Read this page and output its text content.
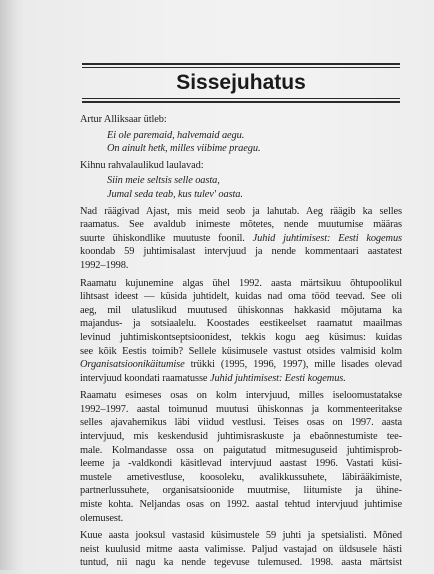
Sissejuhatus
Artur Alliksaar ütleb:
Ei ole paremaid, halvemaid aegu.
On ainult hetk, milles viibime praegu.
Kihnu rahvalaulikud laulavad:
Siin meie seltsis selle oasta,
Jumal seda teab, kus tulev' oasta.

Nad räägivad Ajast, mis meid seob ja lahutab. Aeg räägib ka selles
raamatus. See avaldub inimeste mõtetes, nende muutumise määras
suurte ühiskondlike muutuste foonil. Juhid juhtimisest: Eesti kogemus
koondab 59 juhtimisalast intervjuud ja nende kommentaari aastatest
1992–1998.

Raamatu kujunemine algas ühel 1992. aasta märtsikuu õhtupoolikul
lihtsast ideest — küsida juhtidelt, kuidas nad oma tööd teevad. See oli
aeg, mil ulatuslikud muutused ühiskonnas hakkasid mõjutama ka
majandus- ja sotsiaalelu. Koostades eestikeelset raamatut maailmas
levinud juhtimiskontseptsioonidest, tekkis kogu aeg küsimus: kuidas
see kõik Eestis toimib? Sellele küsimusele vastust otsides valmisid kolm
Organisatsioonikäitumise trükki (1995, 1996, 1997), mille lisades olevad
intervjuud koondati raamatusse Juhid juhtimisest: Eesti kogemus.

Raamatu esimeses osas on kolm intervjuud, milles iseloomustatakse
1992–1997. aastal toimunud muutusi ühiskonnas ja kommenteeritakse
selles ajavahemikus läbi viidud vestlusi. Teises osas on 1997. aasta
intervjuud, mis keskendusid juhtimisraskuste ja ebaõnnestumiste tee-
male. Kolmandasse ossa on paigutatud mitmesuguseid juhtimisprob-
leeme ja -valdkondi käsitlevad intervjuud aastast 1996. Vastati küsi-
mustele ametivestluse, koosoleku, avalikkussuhete, läbirääkimiste,
partnerlussuhete, organisatsioonide muutmise, liitumiste ja ühine-
miste kohta. Neljandas osas on 1992. aastal tehtud intervjuud juhtimise
olemusest.

Kuue aasta jooksul vastasid küsimustele 59 juhti ja spetsialisti. Mõned
neist kuulusid mitme aasta valimisse. Paljud vastajad on üldsusele hästi
tuntud, nii nagu ka nende tegevuse tulemused. 1998. aasta märtsist
